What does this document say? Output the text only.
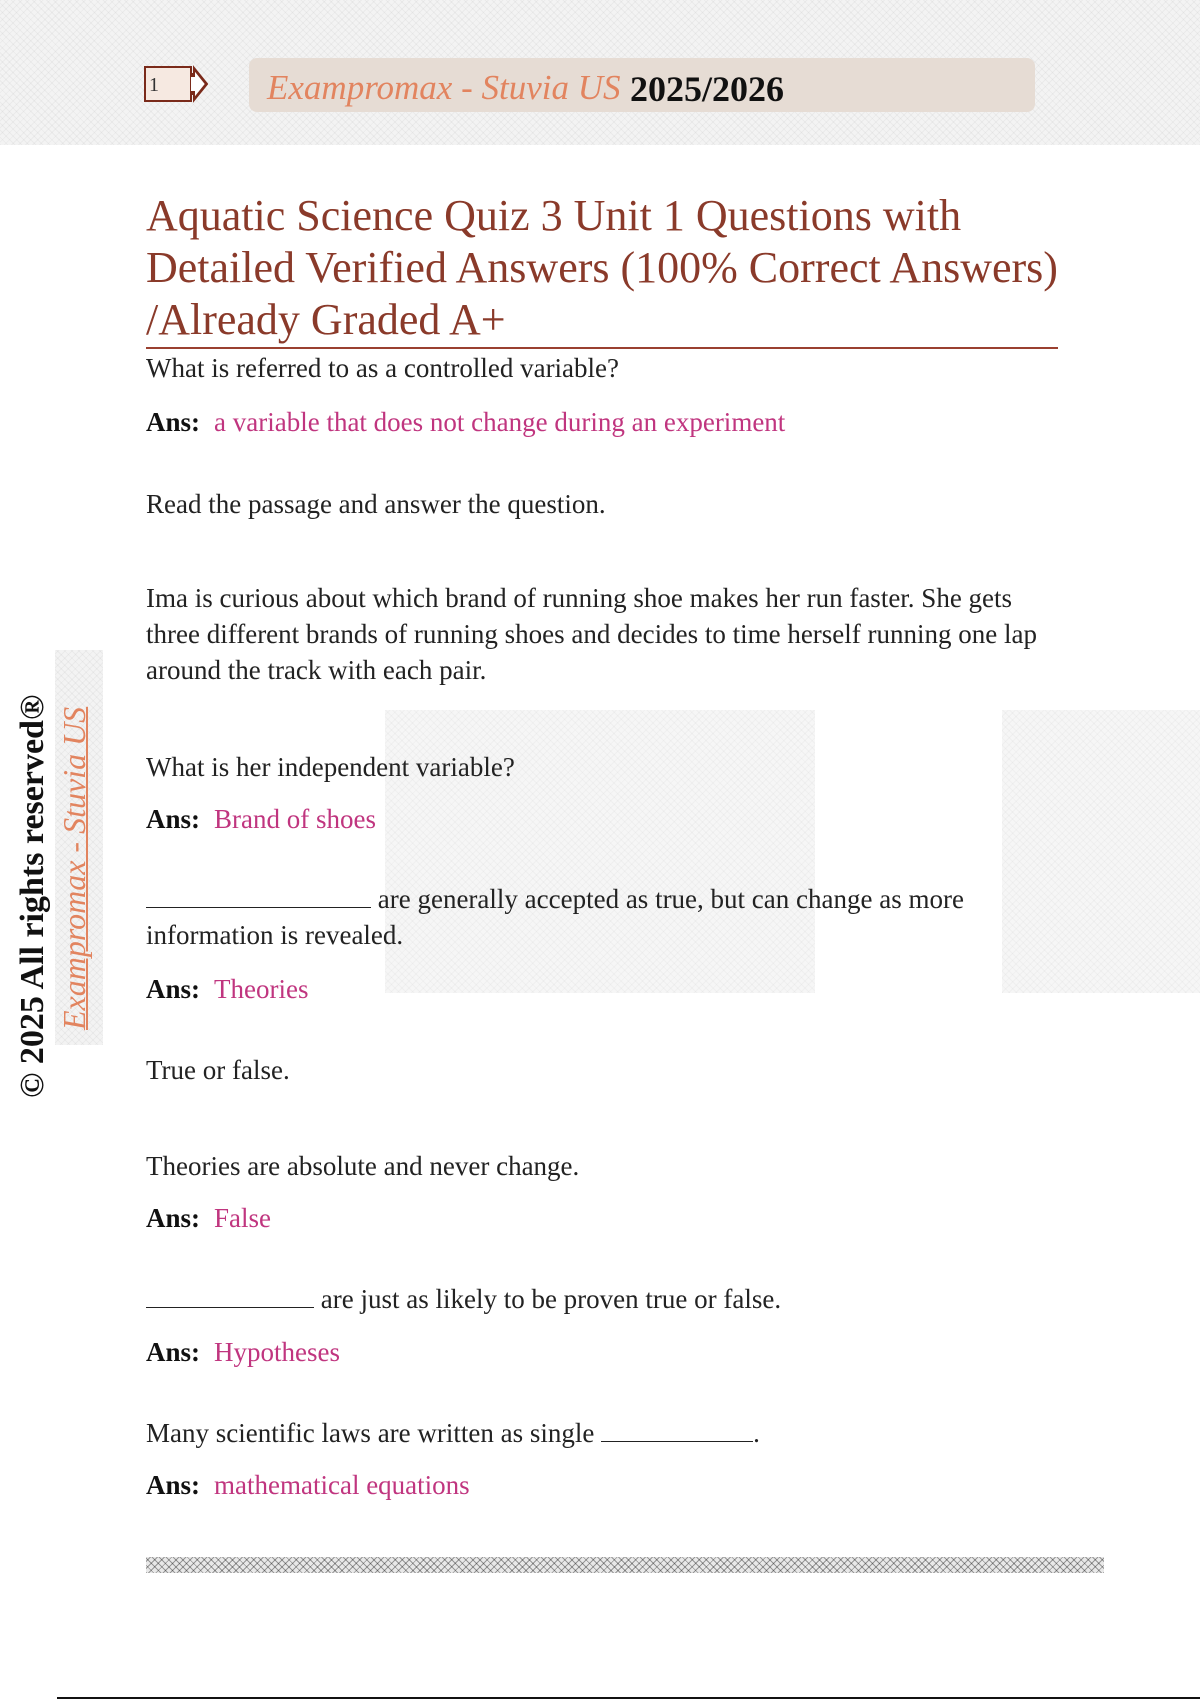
1	Exampromax - Stuvia US 2025/2026
© 2025 All rights reserved® Exampromax - Stuvia US
Aquatic Science Quiz 3 Unit 1 Questions with Detailed Verified Answers (100% Correct Answers) /Already Graded A+
What is referred to as a controlled variable?
Ans: a variable that does not change during an experiment
Read the passage and answer the question.
Ima is curious about which brand of running shoe makes her run faster. She gets three different brands of running shoes and decides to time herself running one lap around the track with each pair.
What is her independent variable?
Ans: Brand of shoes
are generally accepted as true, but can change as more information is revealed.
Ans: Theories
True or false.
Theories are absolute and never change.
Ans: False
are just as likely to be proven true or false.
Ans: Hypotheses
Many scientific laws are written as single	.
Ans: mathematical equations
